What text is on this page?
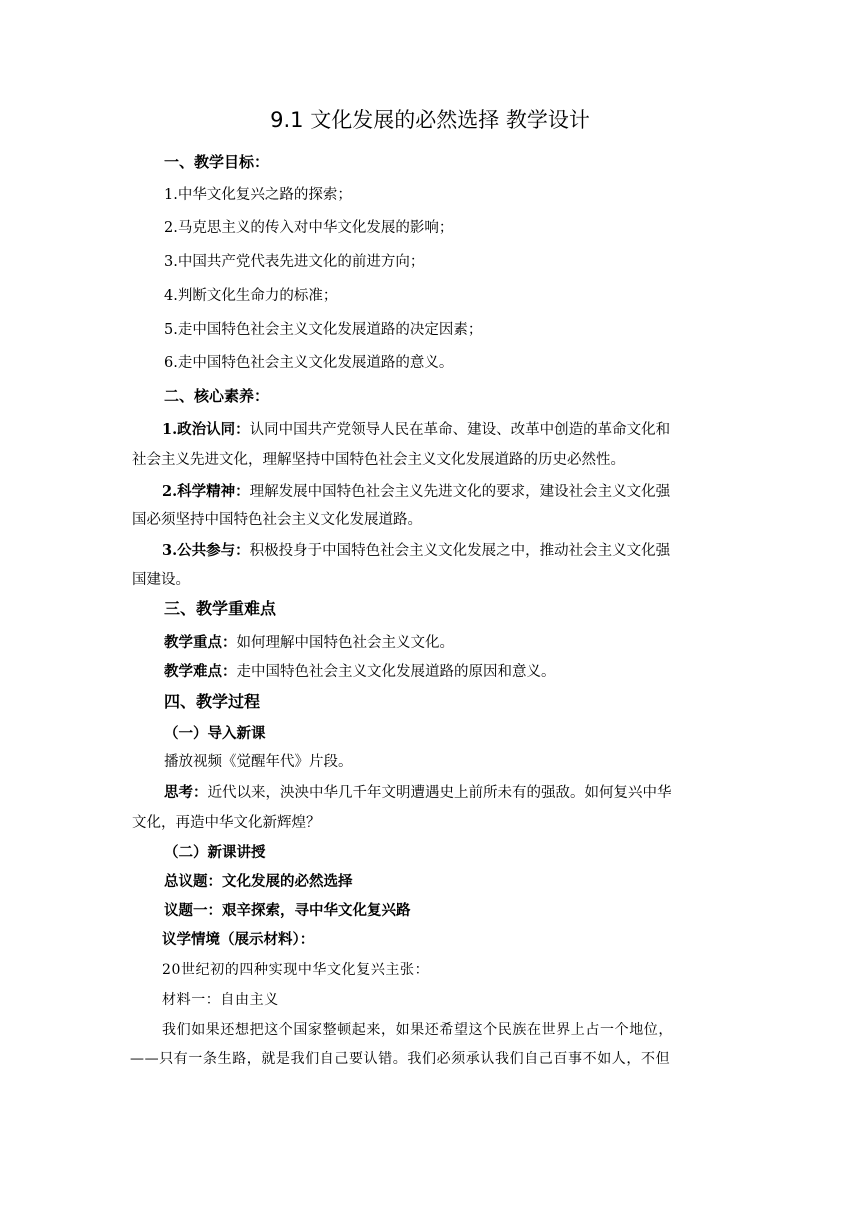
9.1 文化发展的必然选择 教学设计
一、教学目标：
1.中华文化复兴之路的探索；
2.马克思主义的传入对中华文化发展的影响；
3.中国共产党代表先进文化的前进方向；
4.判断文化生命力的标准；
5.走中国特色社会主义文化发展道路的决定因素；
6.走中国特色社会主义文化发展道路的意义。
二、核心素养：
1.政治认同：认同中国共产党领导人民在革命、建设、改革中创造的革命文化和
社会主义先进文化，理解坚持中国特色社会主义文化发展道路的历史必然性。
2.科学精神：理解发展中国特色社会主义先进文化的要求，建设社会主义文化强
国必须坚持中国特色社会主义文化发展道路。
3.公共参与：积极投身于中国特色社会主义文化发展之中，推动社会主义文化强
国建设。
三、教学重难点
教学重点：如何理解中国特色社会主义文化。
教学难点：走中国特色社会主义文化发展道路的原因和意义。
四、教学过程
（一）导入新课
播放视频《觉醒年代》片段。
思考：近代以来，泱泱中华几千年文明遭遇史上前所未有的强敌。如何复兴中华
文化，再造中华文化新辉煌？
（二）新课讲授
总议题：文化发展的必然选择
议题一：艰辛探索，寻中华文化复兴路
议学情境（展示材料）：
20世纪初的四种实现中华文化复兴主张：
材料一：自由主义
我们如果还想把这个国家整顿起来，如果还希望这个民族在世界上占一个地位，
——只有一条生路，就是我们自己要认错。我们必须承认我们自己百事不如人，不但
